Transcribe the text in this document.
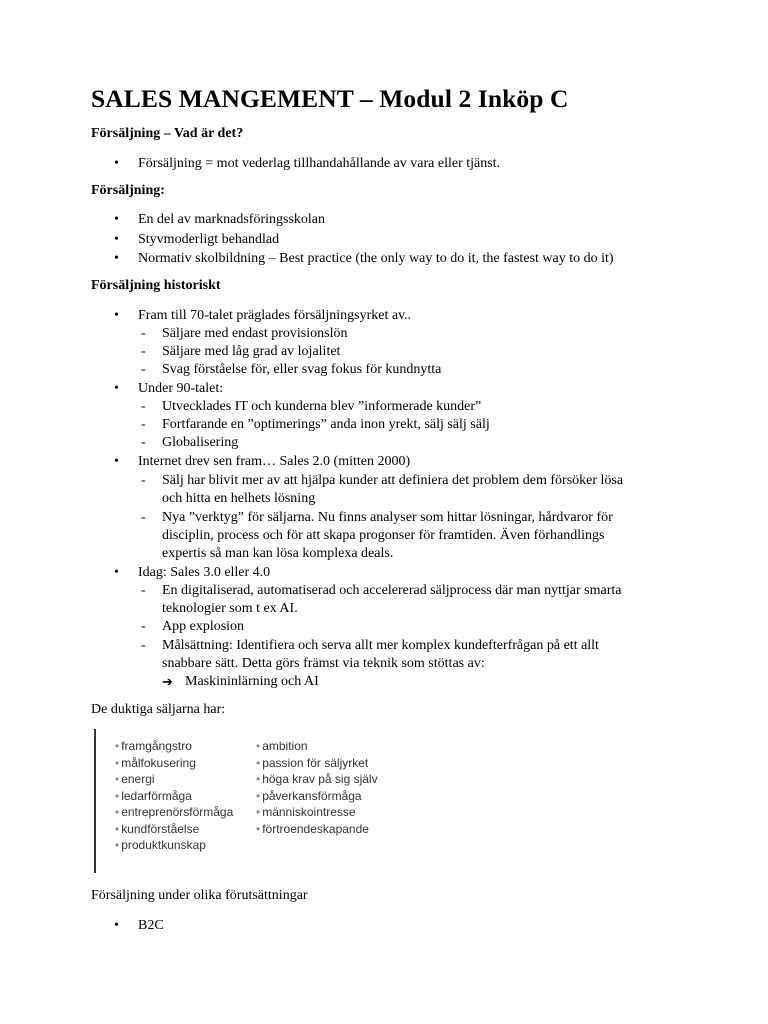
SALES MANGEMENT – Modul 2 Inköp C

Försäljning – Vad är det?

• Försäljning = mot vederlag tillhandahållande av vara eller tjänst.

Försäljning:

• En del av marknadsföringsskolan
• Styvmoderligt behandlad
• Normativ skolbildning – Best practice (the only way to do it, the fastest way to do it)

Försäljning historiskt

• Fram till 70-talet präglades försäljningsyrket av..
- Säljare med endast provisionslön
- Säljare med låg grad av lojalitet
- Svag förståelse för, eller svag fokus för kundnytta
• Under 90-talet:
- Utvecklades IT och kunderna blev ”informerade kunder”
- Fortfarande en ”optimerings” anda inon yrekt, sälj sälj sälj
- Globalisering
• Internet drev sen fram… Sales 2.0 (mitten 2000)
- Sälj har blivit mer av att hjälpa kunder att definiera det problem dem försöker lösa
och hitta en helhets lösning
- Nya ”verktyg” för säljarna. Nu finns analyser som hittar lösningar, hårdvaror för
disciplin, process och för att skapa progonser för framtiden. Även förhandlings
expertis så man kan lösa komplexa deals.
• Idag: Sales 3.0 eller 4.0
- En digitaliserad, automatiserad och accelererad säljprocess där man nyttjar smarta
teknologier som t ex AI.
- App explosion
- Målsättning: Identifiera och serva allt mer komplex kundefterfrågan på ett allt
snabbare sätt. Detta görs främst via teknik som stöttas av:
➔ Maskininlärning och AI

De duktiga säljarna har:

• framgångstro
• målfokusering
• energi
• ledarförmåga
• entreprenörsförmåga
• kundförståelse
• produktkunskap
• ambition
• passion för säljyrket
• höga krav på sig själv
• påverkansförmåga
• människointresse
• förtroendeskapande

Försäljning under olika förutsättningar

• B2C
